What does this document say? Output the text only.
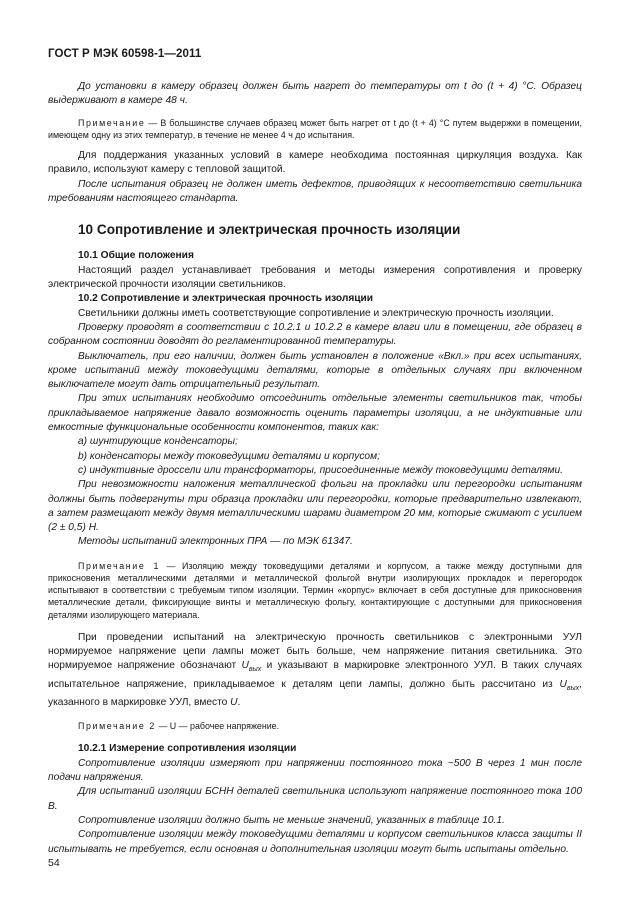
ГОСТ Р МЭК 60598-1—2011

До установки в камеру образец должен быть нагрет до температуры от t до (t + 4) °С. Образец выдерживают в камере 48 ч.

Примечание — В большинстве случаев образец может быть нагрет от t до (t + 4) °С путем выдержки в помещении, имеющем одну из этих температур, в течение не менее 4 ч до испытания.

Для поддержания указанных условий в камере необходима постоянная циркуляция воздуха. Как правило, используют камеру с тепловой защитой.

После испытания образец не должен иметь дефектов, приводящих к несоответствию светильника требованиям настоящего стандарта.

10 Сопротивление и электрическая прочность изоляции

10.1 Общие положения

Настоящий раздел устанавливает требования и методы измерения сопротивления и проверку электрической прочности изоляции светильников.

10.2 Сопротивление и электрическая прочность изоляции

Светильники должны иметь соответствующие сопротивление и электрическую прочность изоляции.

Проверку проводят в соответствии с 10.2.1 и 10.2.2 в камере влаги или в помещении, где образец в собранном состоянии доводят до регламентированной температуры.

Выключатель, при его наличии, должен быть установлен в положение «Вкл.» при всех испытаниях, кроме испытаний между токоведущими деталями, которые в отдельных случаях при включенном выключателе могут дать отрицательный результат.

При этих испытаниях необходимо отсоединить отдельные элементы светильников так, чтобы прикладываемое напряжение давало возможность оценить параметры изоляции, а не индуктивные или емкостные функциональные особенности компонентов, таких как:

а) шунтирующие конденсаторы;

b) конденсаторы между токоведущими деталями и корпусом;

с) индуктивные дроссели или трансформаторы, присоединенные между токоведущими деталями.

При невозможности наложения металлической фольги на прокладки или перегородки испытаниям должны быть подвергнуты три образца прокладки или перегородки, которые предварительно извлекают, а затем размещают между двумя металлическими шарами диаметром 20 мм, которые сжимают с усилием (2 ± 0,5) Н.

Методы испытаний электронных ПРА — по МЭК 61347.

Примечание 1 — Изоляцию между токоведущими деталями и корпусом, а также между доступными для прикосновения металлическими деталями и металлической фольгой внутри изолирующих прокладок и перегородок испытывают в соответствии с требуемым типом изоляции. Термин «корпус» включает в себя доступные для прикосновения металлические детали, фиксирующие винты и металлическую фольгу, контактирующие с доступными для прикосновения деталями изолирующего материала.

При проведении испытаний на электрическую прочность светильников с электронными УУЛ нормируемое напряжение цепи лампы может быть больше, чем напряжение питания светильника. Это нормируемое напряжение обозначают $U_{вых}$ и указывают в маркировке электронного УУЛ. В таких случаях испытательное напряжение, прикладываемое к деталям цепи лампы, должно быть рассчитано из $U_{вых}$, указанного в маркировке УУЛ, вместо U.

Примечание 2 — U — рабочее напряжение.

10.2.1 Измерение сопротивления изоляции

Сопротивление изоляции измеряют при напряжении постоянного тока ~500 В через 1 мин после подачи напряжения.

Для испытаний изоляции БСНН деталей светильника используют напряжение постоянного тока 100 В.

Сопротивление изоляции должно быть не меньше значений, указанных в таблице 10.1.

Сопротивление изоляции между токоведущими деталями и корпусом светильников класса защиты II испытывать не требуется, если основная и дополнительная изоляции могут быть испытаны отдельно.

54
